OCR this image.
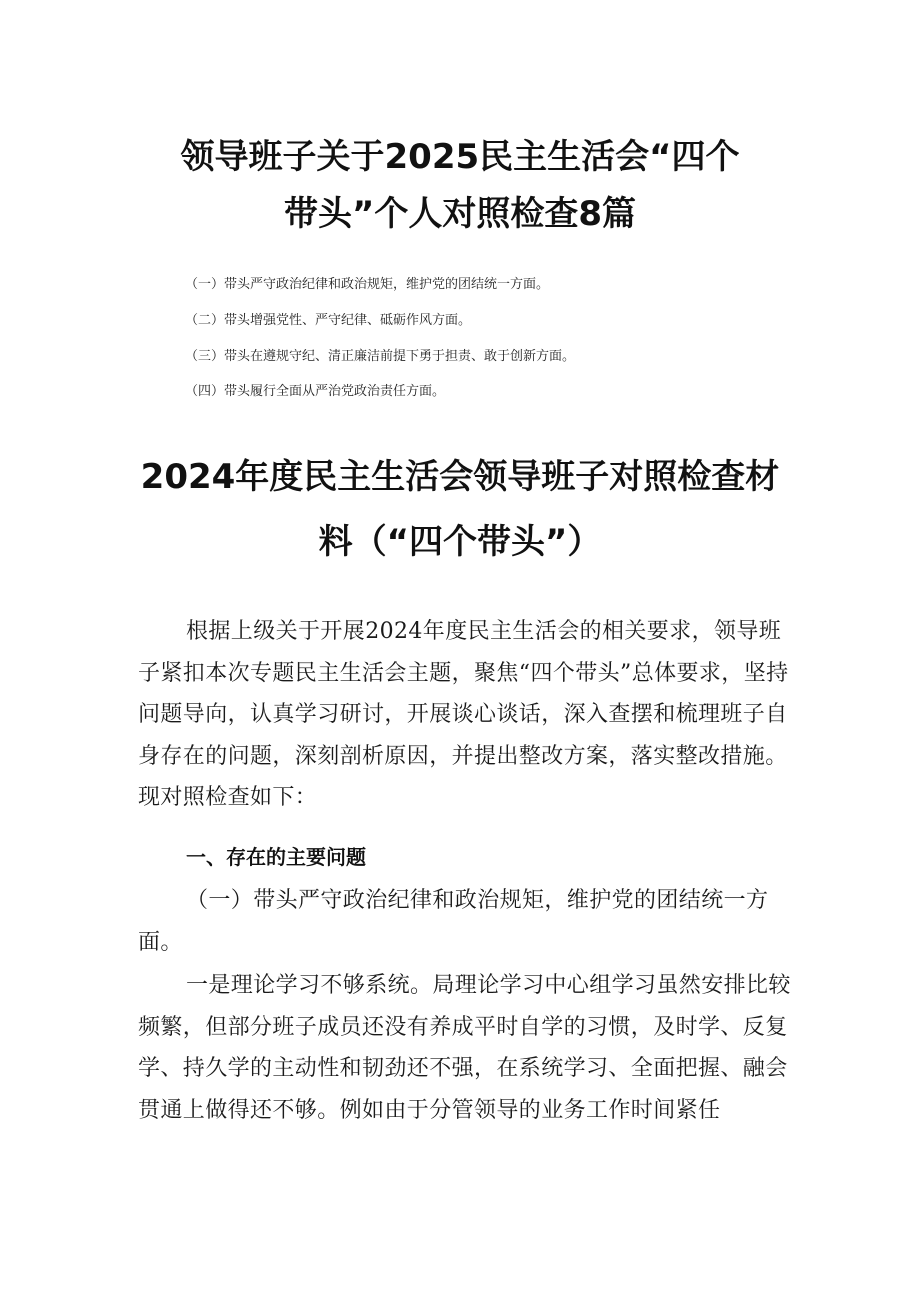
领导班子关于2025民主生活会“四个
带头”个人对照检查8篇

（一）带头严守政治纪律和政治规矩，维护党的团结统一方面。

（二）带头增强党性、严守纪律、砥砺作风方面。

（三）带头在遵规守纪、清正廉洁前提下勇于担责、敢于创新方面。

（四）带头履行全面从严治党政治责任方面。

2024年度民主生活会领导班子对照检查材
料（“四个带头”）

根据上级关于开展2024年度民主生活会的相关要求，领导班子紧扣本次专题民主生活会主题，聚焦“四个带头”总体要求，坚持问题导向，认真学习研讨，开展谈心谈话，深入查摆和梳理班子自身存在的问题，深刻剖析原因，并提出整改方案，落实整改措施。现对照检查如下：

一、存在的主要问题

（一）带头严守政治纪律和政治规矩，维护党的团结统一方面。

一是理论学习不够系统。局理论学习中心组学习虽然安排比较频繁，但部分班子成员还没有养成平时自学的习惯，及时学、反复学、持久学的主动性和韧劲还不强，在系统学习、全面把握、融会贯通上做得还不够。例如由于分管领导的业务工作时间紧任
